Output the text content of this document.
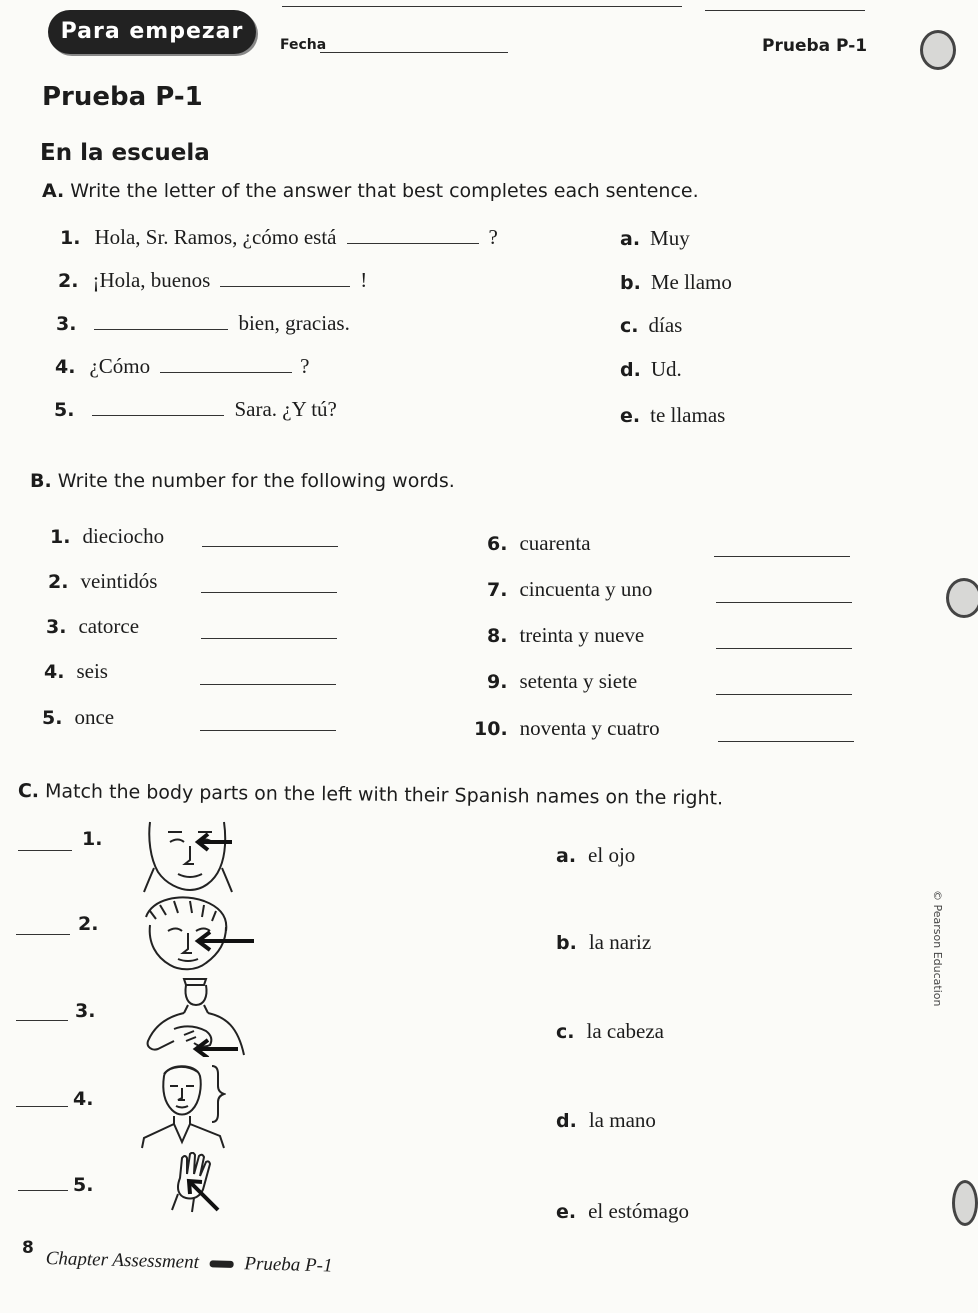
Para empezar
Fecha	Prueba P-1
Prueba P-1
En la escuela
A. Write the letter of the answer that best completes each sentence.
1. Hola, Sr. Ramos, ¿cómo está	?
2. ¡Hola, buenos	!
3.	bien, gracias.
4. ¿Cómo	?
5.	Sara. ¿Y tú?
a. Muy
b. Me llamo
c. días
d. Ud.
e. te llamas
B. Write the number for the following words.
1. dieciocho
2. veintidós
3. catorce
4. seis
5. once
6. cuarenta
7. cincuenta y uno
8. treinta y nueve
9. setenta y siete
10. noventa y cuatro
C. Match the body parts on the left with their Spanish names on the right.
1.
2.
3.
4.
5.
a. el ojo
b. la nariz
c. la cabeza
d. la mano
e. el estómago
© Pearson Education
8 Chapter Assessment Prueba P-1
